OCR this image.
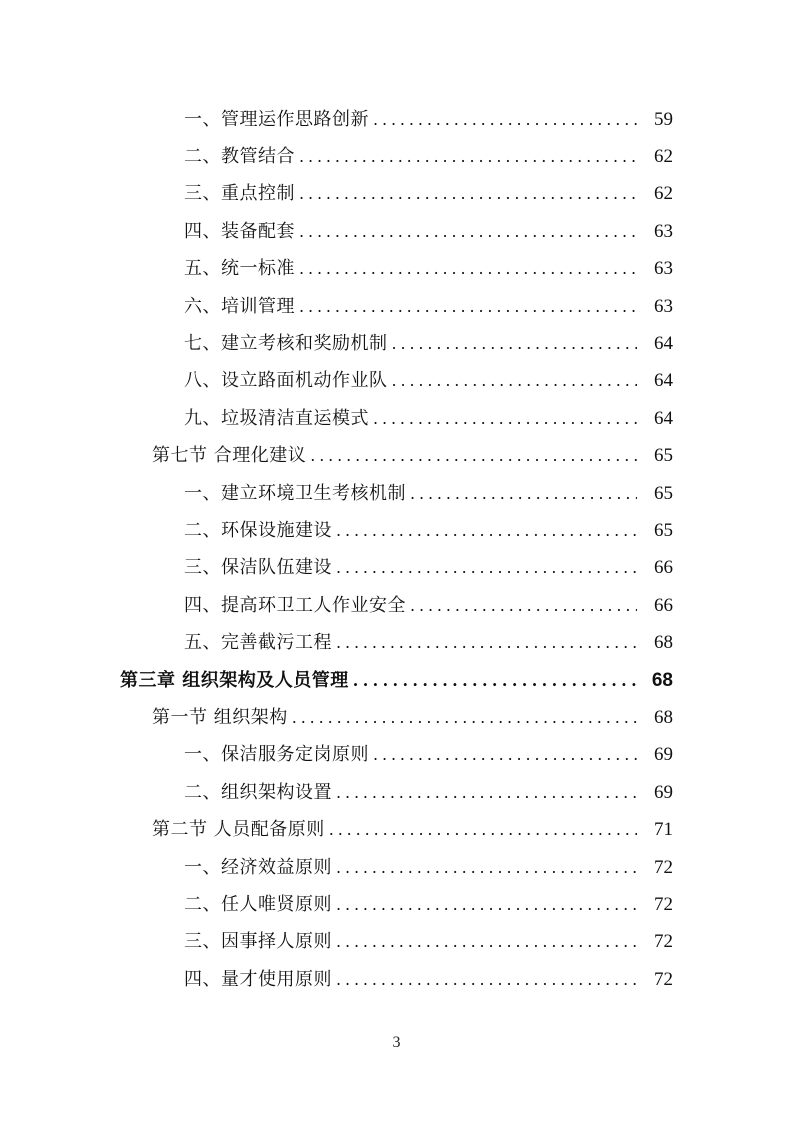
一、管理运作思路创新 . . .	59
二、教管结合 . . .	62
三、重点控制 . . .	62
四、装备配套 . . .	63
五、统一标准 . . .	63
六、培训管理 . . .	63
七、建立考核和奖励机制 . . .	64
八、设立路面机动作业队 . . .	64
九、垃圾清洁直运模式 . . .	64
第七节 合理化建议 . . .	65
一、建立环境卫生考核机制 . . .	65
二、环保设施建设 . . .	65
三、保洁队伍建设 . . .	66
四、提高环卫工人作业安全 . . .	66
五、完善截污工程 . . .	68
第三章 组织架构及人员管理 . . .	68
第一节 组织架构 . . .	68
一、保洁服务定岗原则 . . .	69
二、组织架构设置 . . .	69
第二节 人员配备原则 . . .	71
一、经济效益原则 . . .	72
二、任人唯贤原则 . . .	72
三、因事择人原则 . . .	72
四、量才使用原则 . . .	72
3
